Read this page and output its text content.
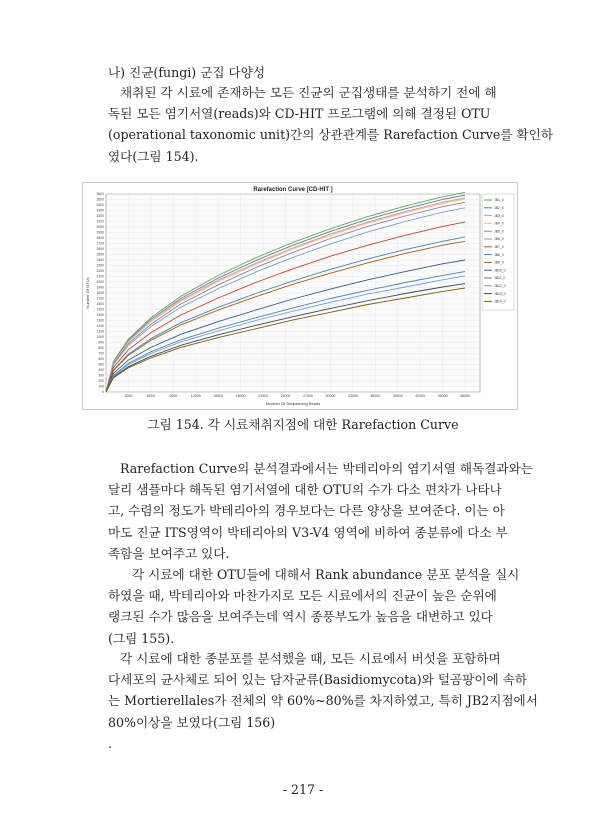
나) 진균(fungi) 군집 다양성
채취된 각 시료에 존재하는 모든 진균의 군집생태를 분석하기 전에 해
독된 모든 염기서열(reads)와 CD-HIT 프로그램에 의해 결정된 OTU
(operational taxonomic unit)간의 상관관계를 Rarefaction Curve를 확인하
였다(그림 154).
Rarefaction Curve [CD-HIT ]
Number Of Sequencing Reads
Number Of OTUs
0
100
200
300
400
500
600
700
800
900
1000
1100
1200
1300
1400
1500
1600
1700
1800
1900
2000
2100
2200
2300
2400
2500
2600
2700
2800
2900
3000
3100
3200
3300
3400
3500
3600
3000	6000	9000	12000	15000	18000	21000	24000	27000	30000	33000	36000	39000	42000	45000	48000
JB1_0
JB2_0
JB3_0
JB4_0
JB5_0
JB6_0
JB7_0
JB8_0
JB9_0
JB10_0
JB11_0
JB12_0
JB13_0
JB14_0
그림 154. 각 시료채취지점에 대한 Rarefaction Curve
Rarefaction Curve의 분석결과에서는 박테리아의 염기서열 해독결과와는
달리 샘플마다 해독된 염기서열에 대한 OTU의 수가 다소 편차가 나타나
고, 수렴의 정도가 박테리아의 경우보다는 다른 양상을 보여준다. 이는 아
마도 진균 ITS영역이 박테리아의 V3-V4 영역에 비하여 종분류에 다소 부
족함을 보여주고 있다.
각 시료에 대한 OTU들에 대해서 Rank abundance 분포 분석을 실시
하였을 때, 박테리아와 마찬가지로 모든 시료에서의 진균이 높은 순위에
랭크된 수가 많음을 보여주는데 역시 종풍부도가 높음을 대변하고 있다
(그림 155).
각 시료에 대한 종분포를 분석했을 때, 모든 시료에서 버섯을 포함하며
다세포의 균사체로 되어 있는 담자균류(Basidiomycota)와 털곰팡이에 속하
는 Mortierellales가 전체의 약 60%~80%를 차지하였고, 특히 JB2지점에서
80%이상을 보였다(그림 156)
.
- 217 -
